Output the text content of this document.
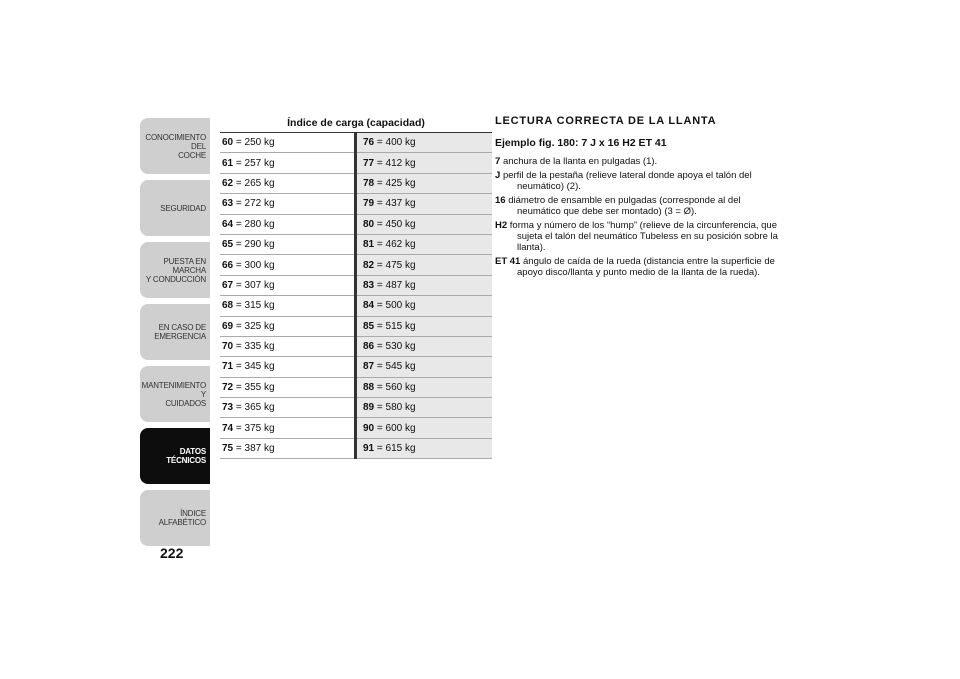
CONOCIMIENTO DEL
COCHE
SEGURIDAD
PUESTA EN MARCHA
Y CONDUCCIÓN
EN CASO DE
EMERGENCIA
MANTENIMIENTO Y
CUIDADOS
DATOS TÉCNICOS
ÍNDICE ALFABÉTICO
222
Índice de carga (capacidad)
60 = 250 kg	76 = 400 kg
61 = 257 kg	77 = 412 kg
62 = 265 kg	78 = 425 kg
63 = 272 kg	79 = 437 kg
64 = 280 kg	80 = 450 kg
65 = 290 kg	81 = 462 kg
66 = 300 kg	82 = 475 kg
67 = 307 kg	83 = 487 kg
68 = 315 kg	84 = 500 kg
69 = 325 kg	85 = 515 kg
70 = 335 kg	86 = 530 kg
71 = 345 kg	87 = 545 kg
72 = 355 kg	88 = 560 kg
73 = 365 kg	89 = 580 kg
74 = 375 kg	90 = 600 kg
75 = 387 kg	91 = 615 kg
LECTURA CORRECTA DE LA LLANTA
Ejemplo fig. 180: 7 J x 16 H2 ET 41
7 anchura de la llanta en pulgadas (1).
J perfil de la pestaña (relieve lateral donde apoya el talón del neumático) (2).
16 diámetro de ensamble en pulgadas (corresponde al del neumático que debe ser montado) (3 = Ø).
H2 forma y número de los “hump” (relieve de la circunferencia, que sujeta el talón del neumático Tubeless en su posición sobre la llanta).
ET 41 ángulo de caída de la rueda (distancia entre la superficie de apoyo disco/llanta y punto medio de la llanta de la rueda).
